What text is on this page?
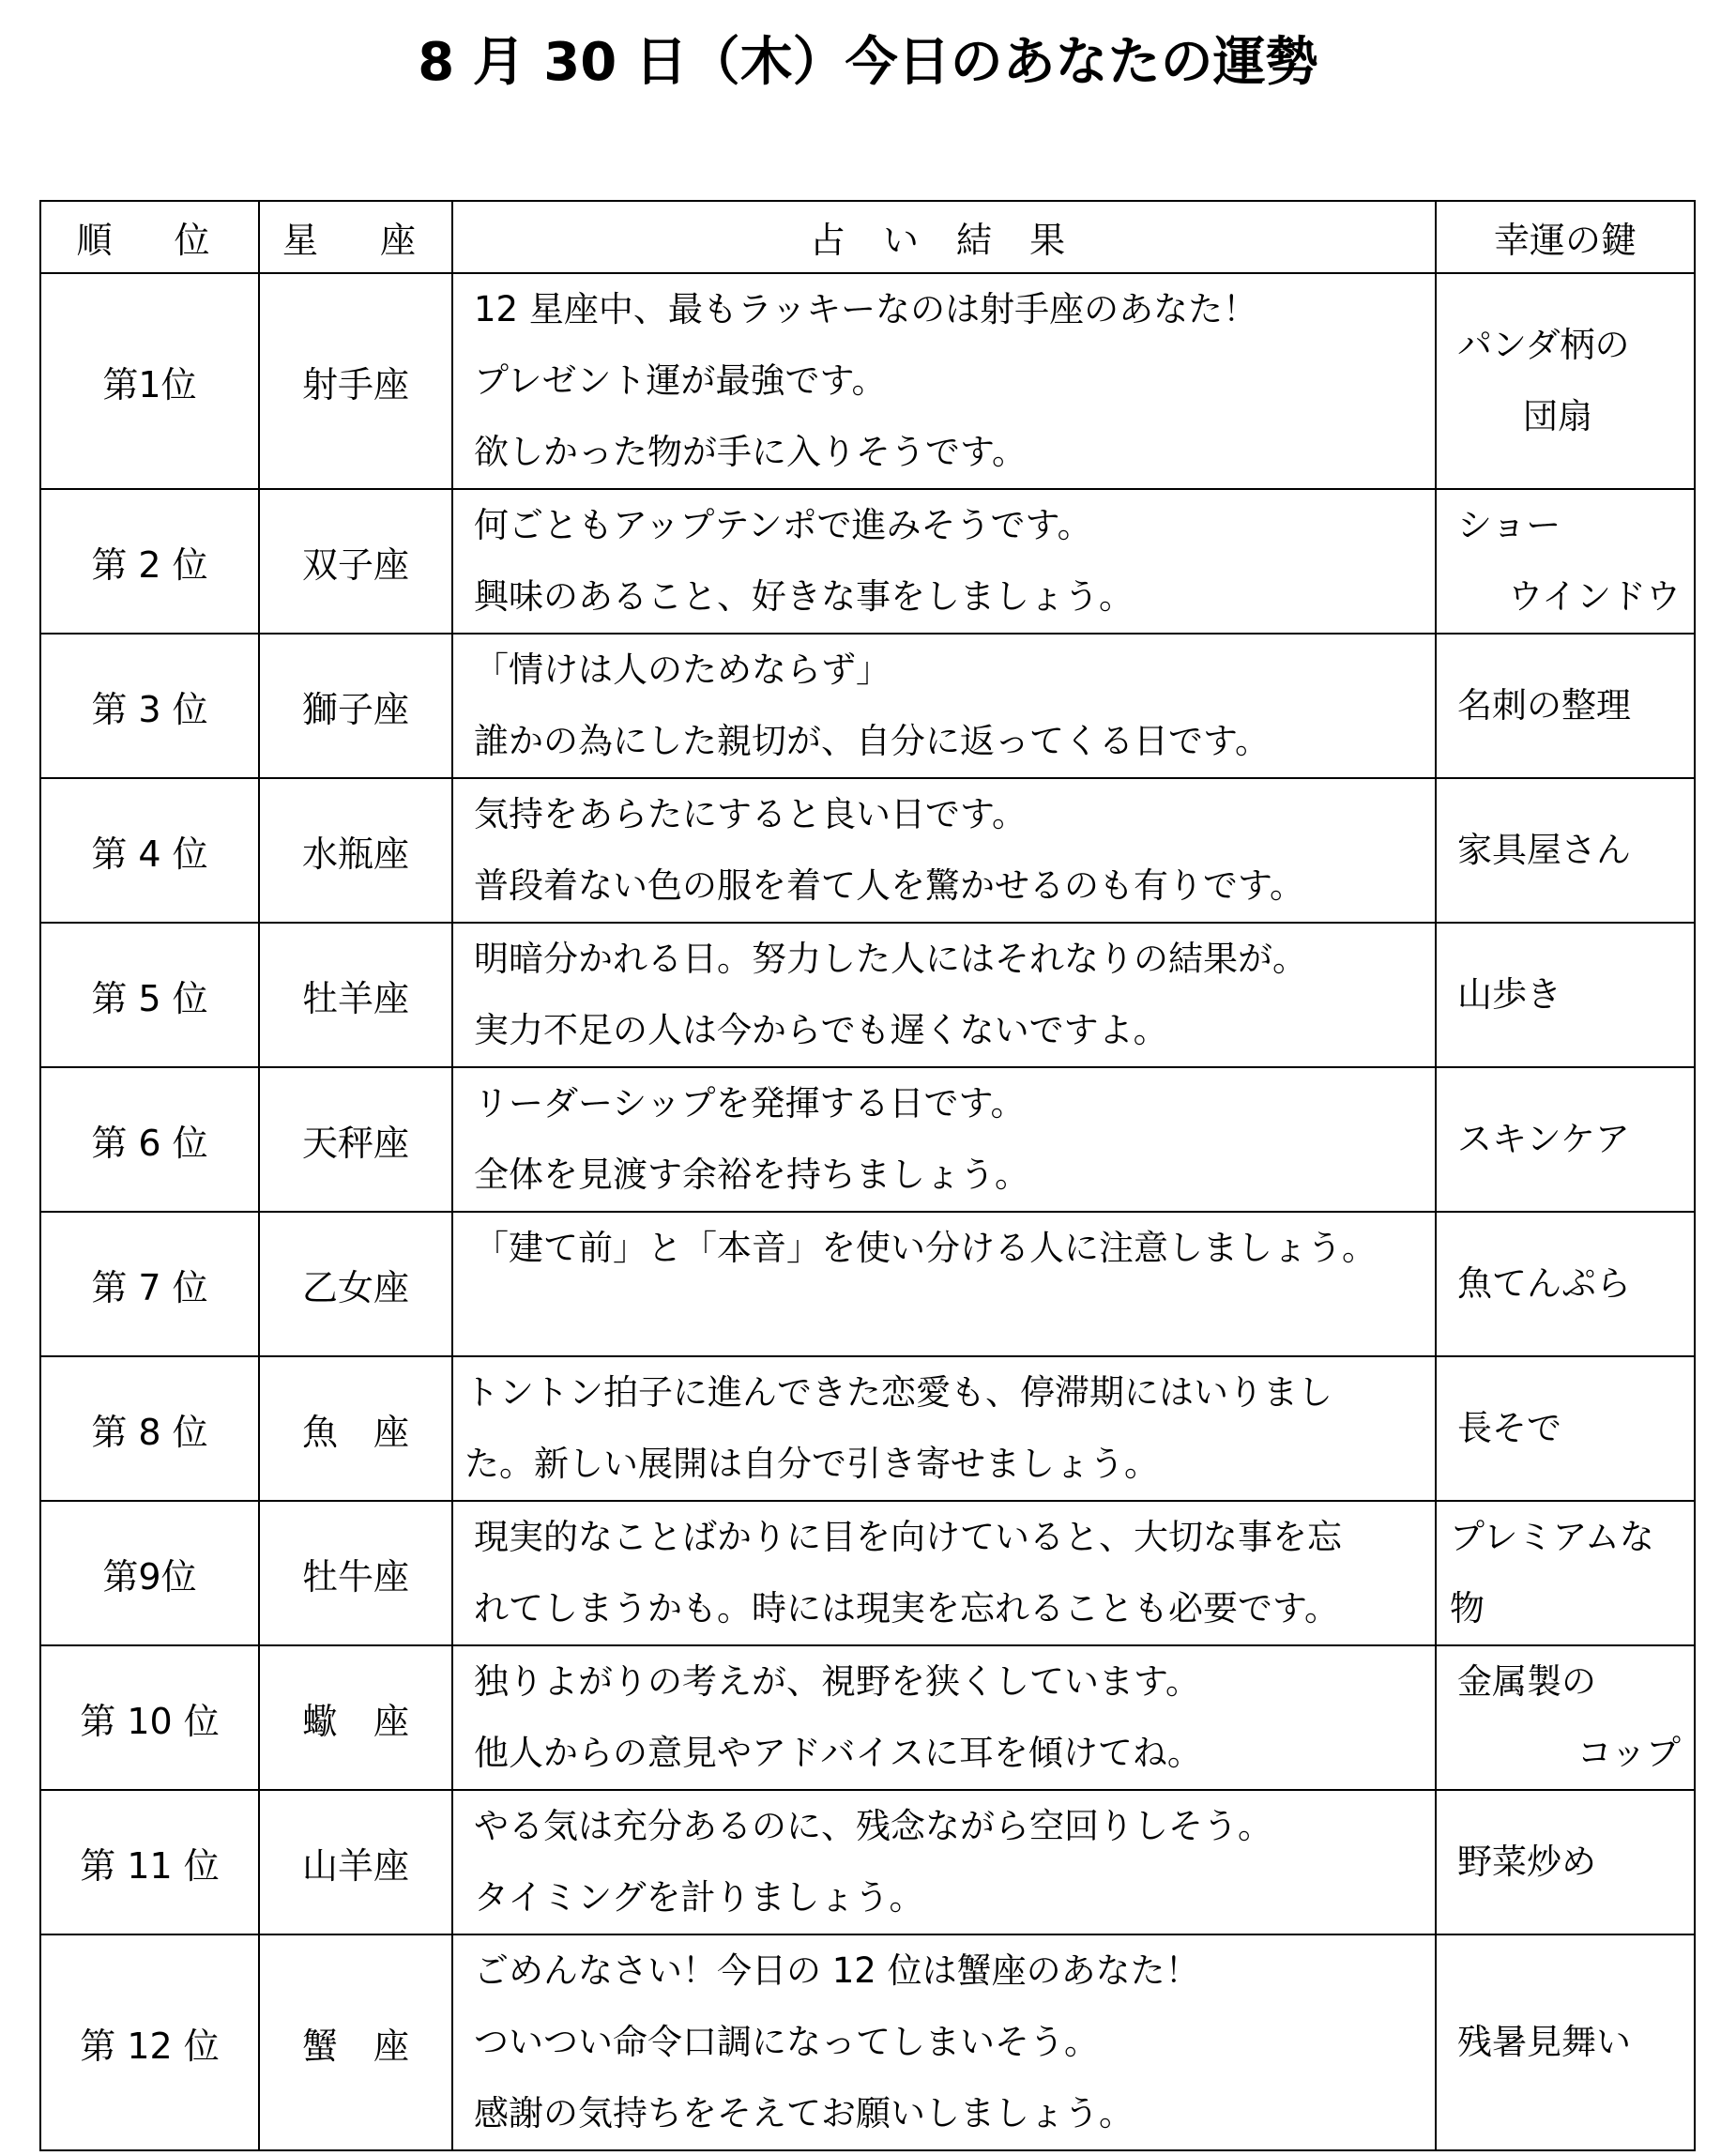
8 月 30 日（木）今日のあなたの運勢
順　位	星　座	占 い 結 果	幸運の鍵
第1位	射手座	12 星座中、最もラッキーなのは射手座のあなた！
プレゼント運が最強です。
欲しかった物が手に入りそうです。	パンダ柄の
団扇

第 2 位	双子座	何ごともアップテンポで進みそうです。
興味のあること、好きな事をしましょう。	ショー
ウインドウ

第 3 位	獅子座	「情けは人のためならず」
誰かの為にした親切が、自分に返ってくる日です。	名刺の整理

第 4 位	水瓶座	気持をあらたにすると良い日です。
普段着ない色の服を着て人を驚かせるのも有りです。	家具屋さん

第 5 位	牡羊座	明暗分かれる日。努力した人にはそれなりの結果が。
実力不足の人は今からでも遅くないですよ。	山歩き

第 6 位	天秤座	リーダーシップを発揮する日です。
全体を見渡す余裕を持ちましょう。	スキンケア

第 7 位	乙女座	「建て前」と「本音」を使い分ける人に注意しましょう。	魚てんぷら

第 8 位	魚　座	トントン拍子に進んできた恋愛も、停滞期にはいりまし
た。新しい展開は自分で引き寄せましょう。	長そで

第9位	牡牛座	現実的なことばかりに目を向けていると、大切な事を忘
れてしまうかも。時には現実を忘れることも必要です。	プレミアムな
物

第 10 位	蠍　座	独りよがりの考えが、視野を狭くしています。
他人からの意見やアドバイスに耳を傾けてね。	金属製の
コップ

第 11 位	山羊座	やる気は充分あるのに、残念ながら空回りしそう。
タイミングを計りましょう。	野菜炒め

第 12 位	蟹　座	ごめんなさい！今日の 12 位は蟹座のあなた！
ついつい命令口調になってしまいそう。
感謝の気持ちをそえてお願いしましょう。	残暑見舞い
